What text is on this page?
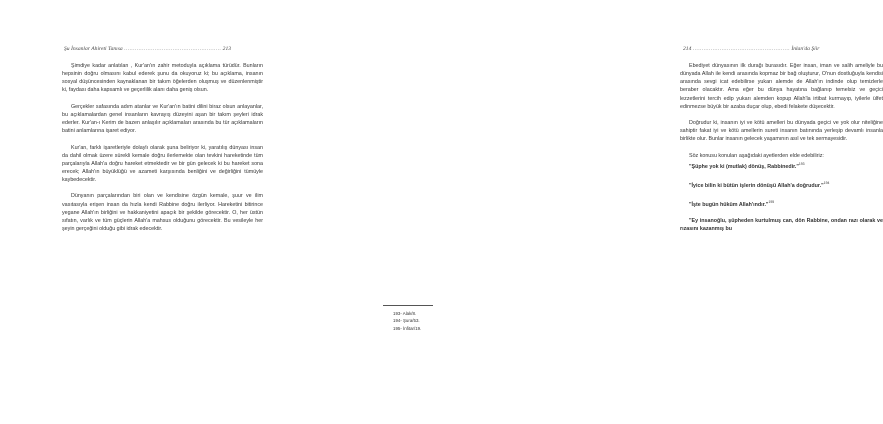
Şu İnsanlar Ahireti Tanısa ...................................................... 213

Şimdiye kadar anlatılan , Kur'an'ın zahir metoduyla açıklama türüdür. Bunların hepsinin doğru olmasını kabul ederek şunu da okuyoruz ki; bu açıklama, insanın sosyal düşüncesinden kaynaklanan bir takım öğelerden oluşmuş ve düzenlenmiştir ki, faydası daha kapsamlı ve geçerlilik alanı daha geniş olsun.

Gerçekler safasında adım atanlar ve Kur'an'ın batini dilini biraz olsun anlayanlar, bu açıklamalardan genel insanların kavrayış düzeyini aşan bir takım şeyleri idrak ederler. Kur'an-ı Kerim de bazen anlaşılır açıklamaları arasında bu tür açıklamaların batini anlamlarına işaret ediyor.

Kur'an, farklı işaretleriyle dolaylı olarak şuna beliriyor ki, yaratılış dünyası insan da dahil olmak üzere sürekli kemale doğru ilerlemekte olan tevkini hareketinde tüm parçalarıyla Allah'a doğru hareket etmektedir ve bir gün gelecek ki bu hareket sona erecek; Allah'ın büyüklüğü ve azameti karşısında benliğini ve değirliğini tümüyle kaybedecektir.

Dünyanın parçalarından biri olan ve kendisine özgün kemale, şuur ve ilim vasıtasıyla erişen insan da hızla kendi Rabbine doğru ilerliyor. Hareketini bitirince yegane Allah'ın birliğini ve hakkaniyetini apaçık bir şekilde görecektir. O, her üstün sıfatın, varlık ve tüm güçlerin Allah'a mahsus olduğunu görecektir. Bu vesileyle her şeyin gerçeğini olduğu gibi idrak edecektir.

214 ...................................................... İnlan'da Şiir

Ebediyet dünyasının ilk durağı burasıdır. Eğer insan, iman ve salih ameliyle bu dünyada Allah ile kendi arasında kopmaz bir bağ oluşturur, O'nun dostluğuyla kendisi arasında sevgi icat edebilirse yukarı alemde de Allah'ın indinde olup temizlerle beraber olacaktır. Ama eğer bu dünya hayatına bağlanıp temelsiz ve geçici lezzetlerini tercih edip yukarı alemden kopup Allah'la irtibat kurmayıp, iyilerle ülfet edinmezse büyük bir azaba duçar olup, ebedi felakete düşecektir.

Doğrudur ki, insanın iyi ve kötü amelleri bu dünyada geçici ve yok olur niteliğine sahiptir fakat iyi ve kötü amellerin sureti insanın batınında yerleşip devamlı insanla birlikte olur. Bunlar insanın gelecek yaşamının asıl ve tek sermayesidir.

Söz konusu konuları aşağıdaki ayetlerden elde edebiliriz:

"Şüphe yok ki (mutlak) dönüş, Rabbinedir."$^{193}$

"İyice bilin ki bütün işlerin dönüşü Allah'a doğrudur."$^{194}$

"İşte bugün hüküm Allah'ındır."$^{195}$

"Ey insanoğlu, şüpheden kurtulmuş can, dön Rabbine, ondan razı olarak ve rızasını kazanmış bu

193- Alak/8.
194- Şura/53.
195- İnfitar/19.
